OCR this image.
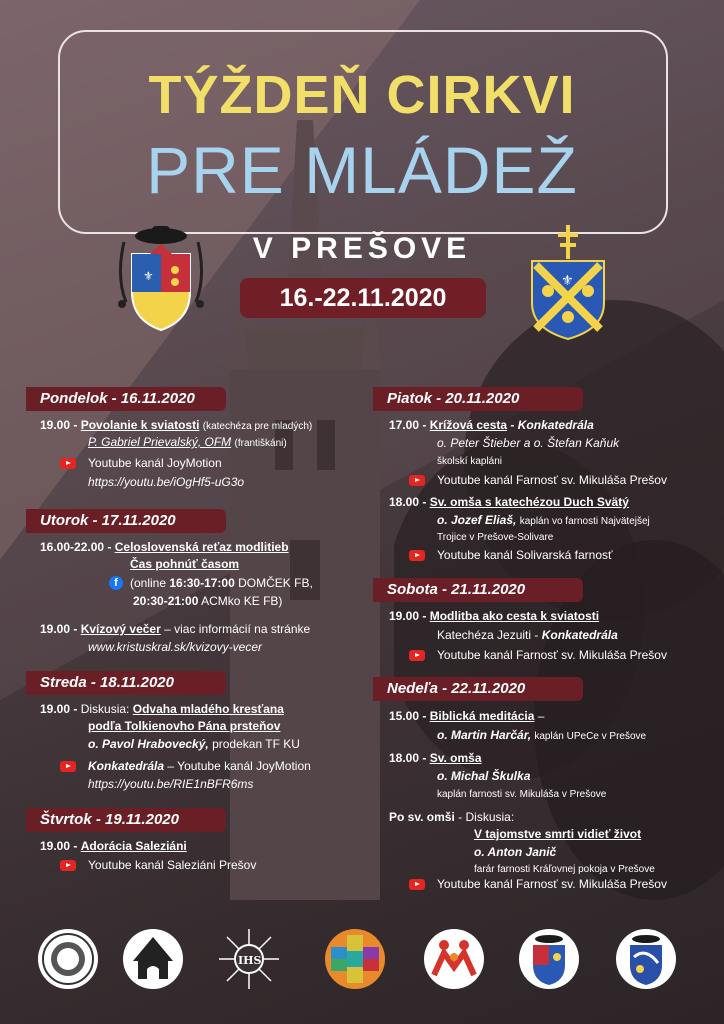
TÝŽDEŇ CIRKVI
PRE MLÁDEŽ
V PREŠOVE
16.-22.11.2020
⚜	⚜
Pondelok - 16.11.2020
19.00 - Povolanie k sviatosti (katechéza pre mladých)
P. Gabriel Prievalský, OFM (františkáni)
Youtube kanál JoyMotion
https://youtu.be/iOgHf5-uG3o
Utorok - 17.11.2020
16.00-22.00 - Celoslovenská reťaz modlitieb
Čas pohnúť časom
f	(online 16:30-17:00 DOMČEK FB,
20:30-21:00 ACMko KE FB)
19.00 - Kvízový večer – viac informácií na stránke
www.kristuskral.sk/kvizovy-vecer
Streda - 18.11.2020
19.00 - Diskusia: Odvaha mladého kresťana
podľa Tolkienovho Pána prsteňov
o. Pavol Hrabovecký, prodekan TF KU
Konkatedrála – Youtube kanál JoyMotion
https://youtu.be/RIE1nBFR6ms
Štvrtok - 19.11.2020
19.00 - Adorácia Saleziáni
Youtube kanál Saleziáni Prešov
Piatok - 20.11.2020
17.00 - Krížová cesta - Konkatedrála
o. Peter Štieber a o. Štefan Kaňuk
školskí kapláni
Youtube kanál Farnosť sv. Mikuláša Prešov
18.00 - Sv. omša s katechézou Duch Svätý
o. Jozef Eliaš, kaplán vo farnosti Najvätejšej
Trojice v Prešove-Solivare
Youtube kanál Solivarská farnosť
Sobota - 21.11.2020
19.00 - Modlitba ako cesta k sviatosti
Katechéza Jezuiti - Konkatedrála
Youtube kanál Farnosť sv. Mikuláša Prešov
Nedeľa - 22.11.2020
15.00 - Biblická meditácia –
o. Martin Harčár, kaplán UPeCe v Prešove
18.00 - Sv. omša
o. Michal Škulka
kaplán farnosti sv. Mikuláša v Prešove
Po sv. omši - Diskusia:
V tajomstve smrti vidieť život
o. Anton Janič
farár farnosti Kráľovnej pokoja v Prešove
Youtube kanál Farnosť sv. Mikuláša Prešov
IHS
